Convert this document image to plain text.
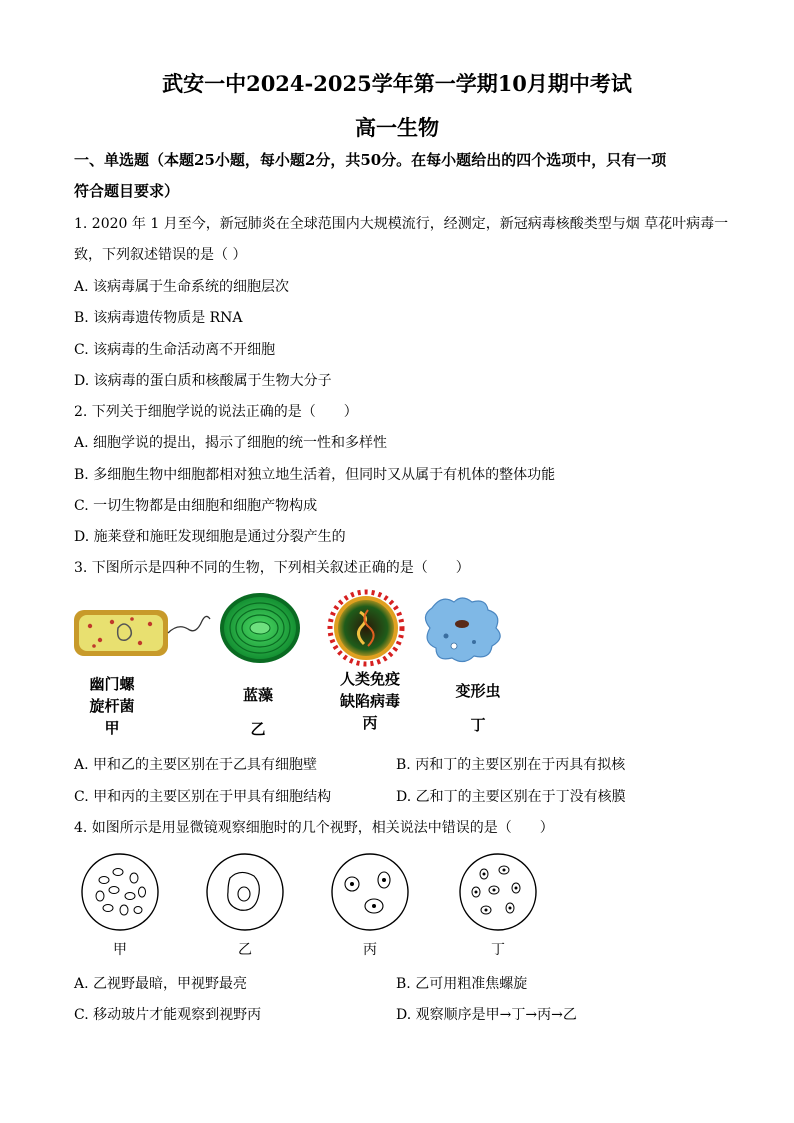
武安一中2024-2025学年第一学期10月期中考试
高一生物
一、单选题（本题25小题，每小题2分，共50分。在每小题给出的四个选项中，只有一项
符合题目要求）
1. 2020 年 1 月至今，新冠肺炎在全球范围内大规模流行，经测定，新冠病毒核酸类型与烟 草花叶病毒一
致，下列叙述错误的是（ ）
A. 该病毒属于生命系统的细胞层次
B. 该病毒遗传物质是 RNA
C. 该病毒的生命活动离不开细胞
D. 该病毒的蛋白质和核酸属于生物大分子
2. 下列关于细胞学说的说法正确的是（　　）
A. 细胞学说的提出，揭示了细胞的统一性和多样性
B. 多细胞生物中细胞都相对独立地生活着，但同时又从属于有机体的整体功能
C. 一切生物都是由细胞和细胞产物构成
D. 施莱登和施旺发现细胞是通过分裂产生的
3. 下图所示是四种不同的生物，下列相关叙述正确的是（　　）
幽门螺
旋杆菌
甲
蓝藻
乙
人类免疫
缺陷病毒
丙
变形虫
丁
A. 甲和乙的主要区别在于乙具有细胞壁	B. 丙和丁的主要区别在于丙具有拟核
C. 甲和丙的主要区别在于甲具有细胞结构	D. 乙和丁的主要区别在于丁没有核膜
4. 如图所示是用显微镜观察细胞时的几个视野，相关说法中错误的是（　　）
甲	乙	丙	丁
A. 乙视野最暗，甲视野最亮	B. 乙可用粗准焦螺旋
C. 移动玻片才能观察到视野丙	D. 观察顺序是甲→丁→丙→乙
